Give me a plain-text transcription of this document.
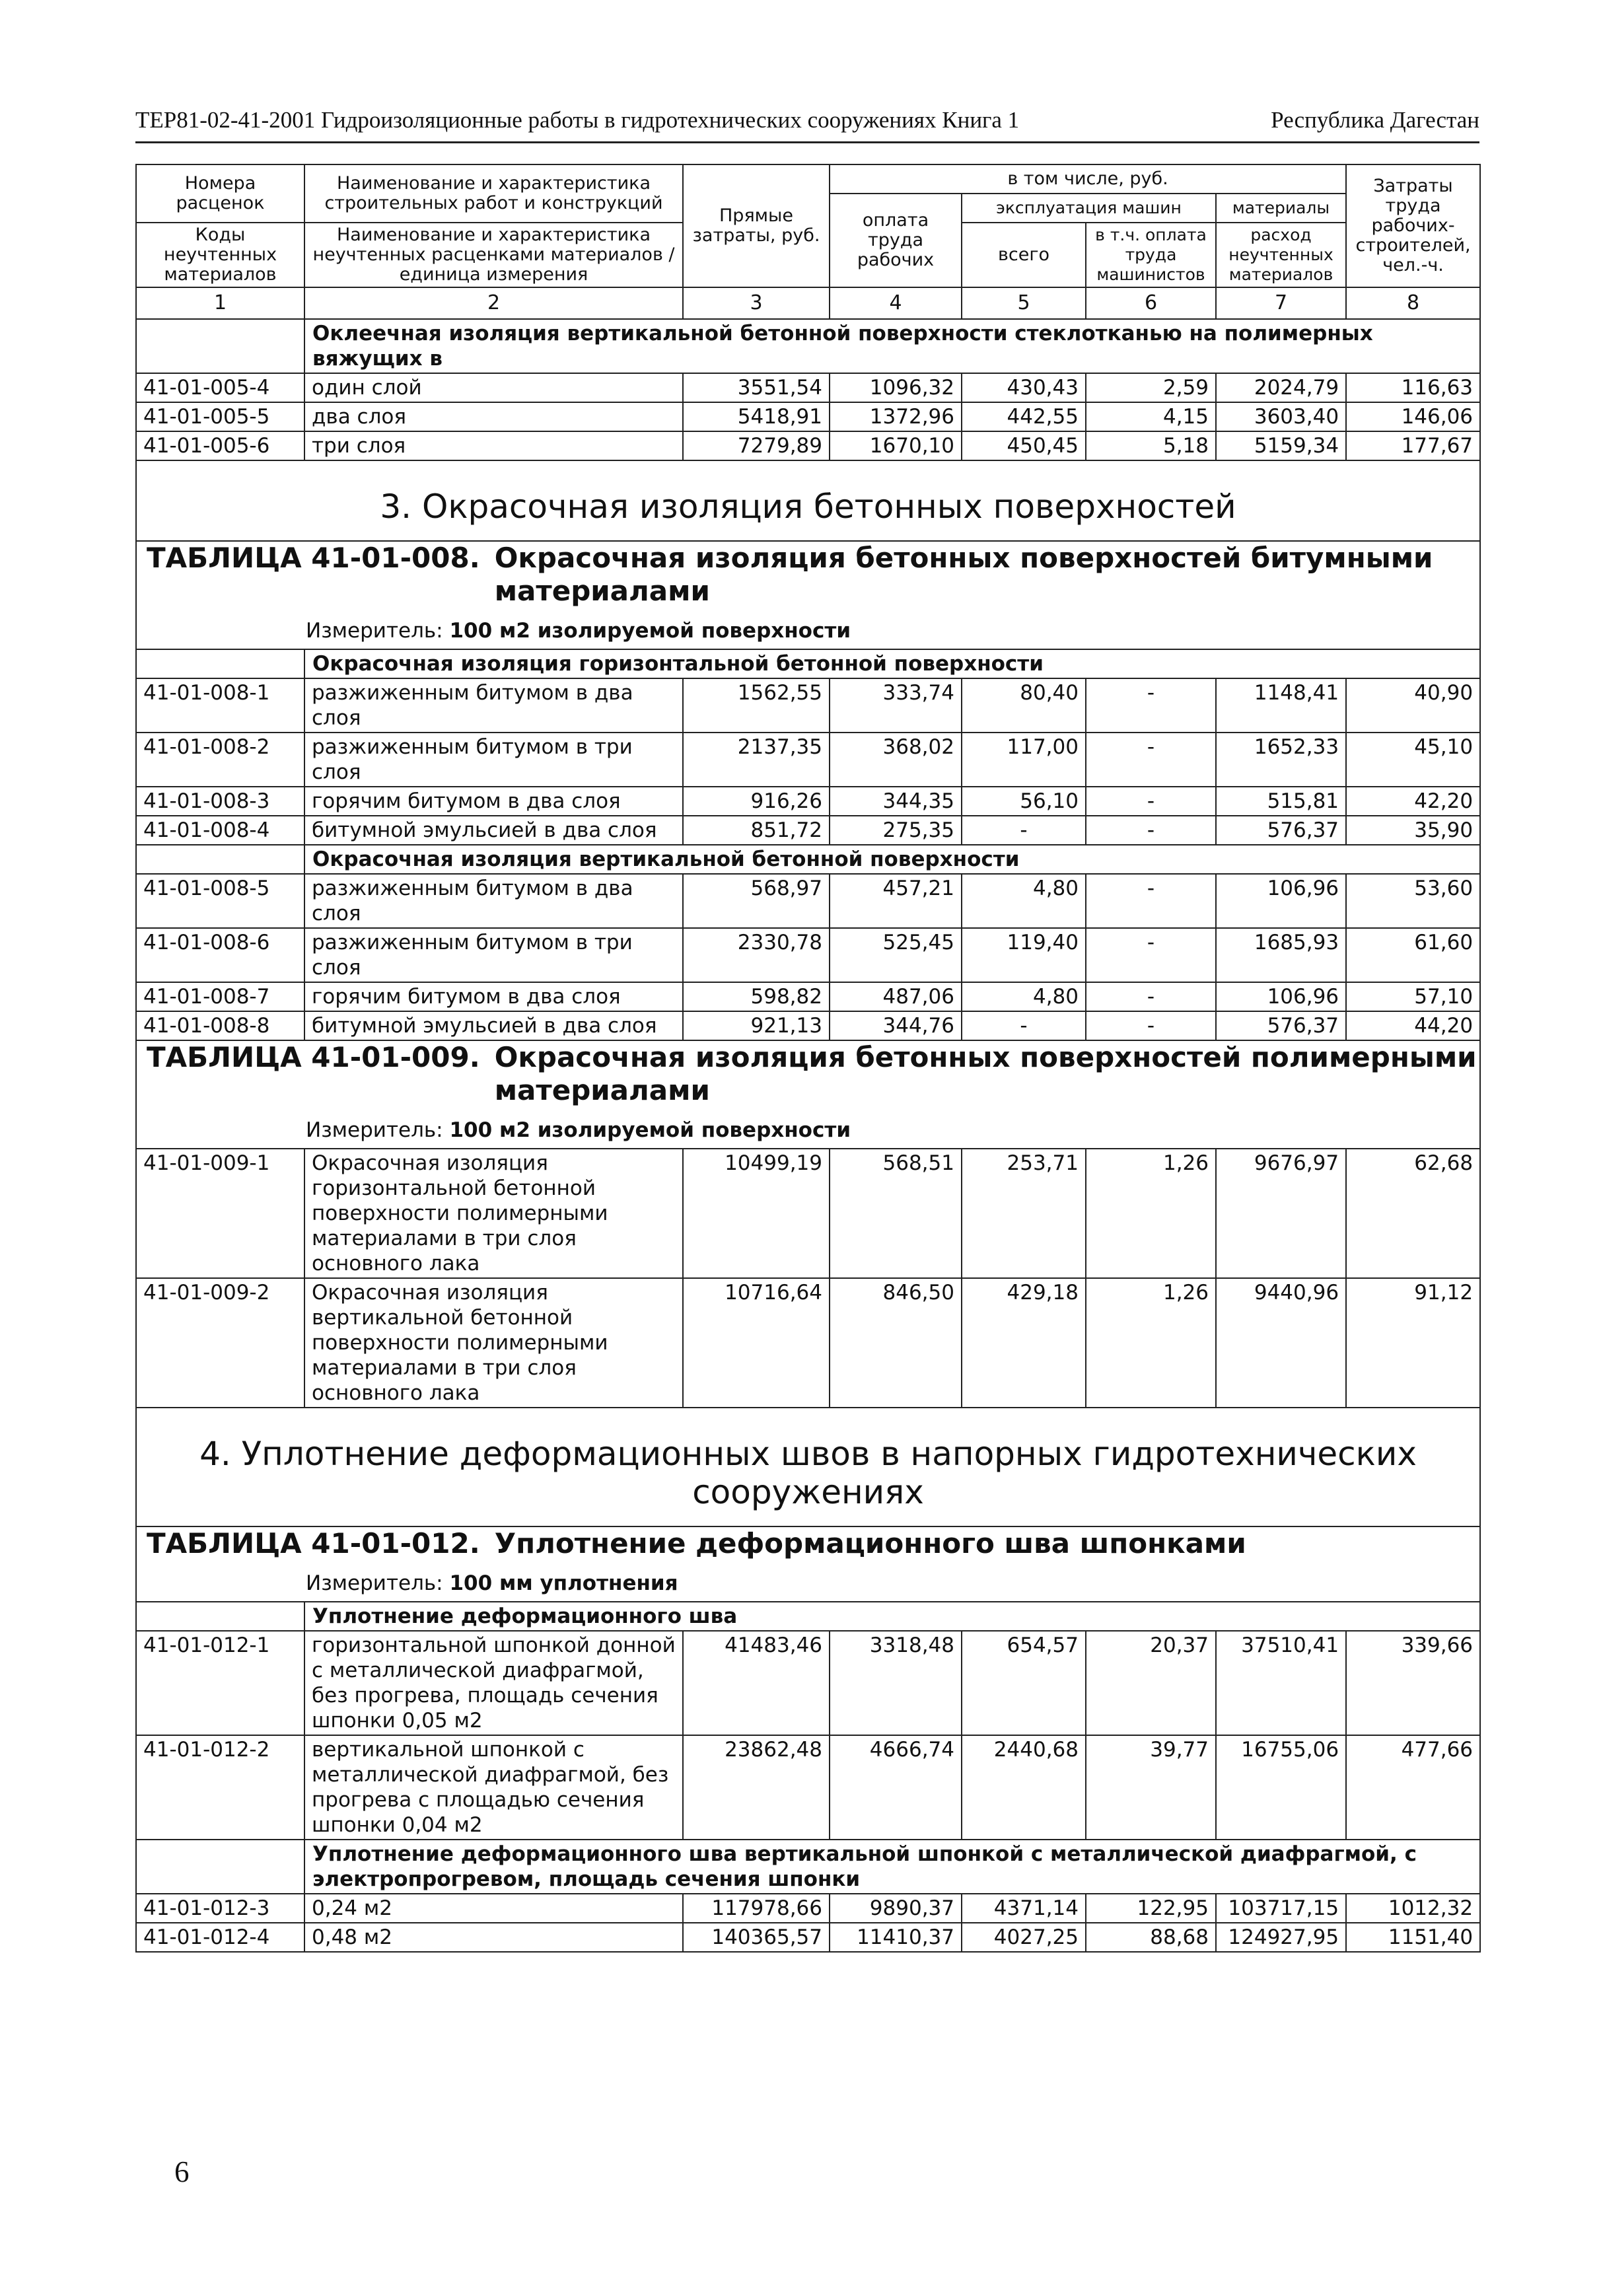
ТЕР81-02-41-2001 Гидроизоляционные работы в гидротехнических сооружениях Книга 1	Республика Дагестан
Номера расценок	Наименование и характеристика строительных работ и конструкций	Прямые затраты, руб.	в том числе, руб.				Затраты труда рабочих-строителей, чел.-ч.
			оплата труда рабочих	эксплуатация машин		материалы	
Коды неучтенных материалов	Наименование и характеристика неучтенных расценками материалов / единица измерения			всего	в т.ч. оплата труда машинистов	расход неучтенных материалов	

1	2	3	4	5	6	7	8

	Оклеечная изоляция вертикальной бетонной поверхности стеклотканью на полимерных вяжущих в						

41-01-005-4	один слой	3551,54	1096,32	430,43	2,59	2024,79	116,63
41-01-005-5	два слоя	5418,91	1372,96	442,55	4,15	3603,40	146,06
41-01-005-6	три слоя	7279,89	1670,10	450,45	5,18	5159,34	177,67

3. Окрасочная изоляция бетонных поверхностей							

ТАБЛИЦА 41-01-008. Окрасочная изоляция бетонных поверхностей битумными материалами
Измеритель: 100 м2 изолируемой поверхности							

	Окрасочная изоляция горизонтальной бетонной поверхности						

41-01-008-1	разжиженным битумом в два слоя	1562,55	333,74	80,40	-	1148,41	40,90
41-01-008-2	разжиженным битумом в три слоя	2137,35	368,02	117,00	-	1652,33	45,10
41-01-008-3	горячим битумом в два слоя	916,26	344,35	56,10	-	515,81	42,20
41-01-008-4	битумной эмульсией в два слоя	851,72	275,35	-	-	576,37	35,90

	Окрасочная изоляция вертикальной бетонной поверхности						

41-01-008-5	разжиженным битумом в два слоя	568,97	457,21	4,80	-	106,96	53,60
41-01-008-6	разжиженным битумом в три слоя	2330,78	525,45	119,40	-	1685,93	61,60
41-01-008-7	горячим битумом в два слоя	598,82	487,06	4,80	-	106,96	57,10
41-01-008-8	битумной эмульсией в два слоя	921,13	344,76	-	-	576,37	44,20

ТАБЛИЦА 41-01-009. Окрасочная изоляция бетонных поверхностей полимерными материалами
Измеритель: 100 м2 изолируемой поверхности							

41-01-009-1	Окрасочная изоляция горизонтальной бетонной поверхности полимерными материалами в три слоя основного лака	10499,19	568,51	253,71	1,26	9676,97	62,68
41-01-009-2	Окрасочная изоляция вертикальной бетонной поверхности полимерными материалами в три слоя основного лака	10716,64	846,50	429,18	1,26	9440,96	91,12

4. Уплотнение деформационных швов в напорных гидротехнических сооружениях							

ТАБЛИЦА 41-01-012. Уплотнение деформационного шва шпонками
Измеритель: 100 мм уплотнения							

	Уплотнение деформационного шва						

41-01-012-1	горизонтальной шпонкой донной с металлической диафрагмой, без прогрева, площадь сечения шпонки 0,05 м2	41483,46	3318,48	654,57	20,37	37510,41	339,66
41-01-012-2	вертикальной шпонкой с металлической диафрагмой, без прогрева с площадью сечения шпонки 0,04 м2	23862,48	4666,74	2440,68	39,77	16755,06	477,66

	Уплотнение деформационного шва вертикальной шпонкой с металлической диафрагмой, с электропрогревом, площадь сечения шпонки						

41-01-012-3	0,24 м2	117978,66	9890,37	4371,14	122,95	103717,15	1012,32
41-01-012-4	0,48 м2	140365,57	11410,37	4027,25	88,68	124927,95	1151,40
6
